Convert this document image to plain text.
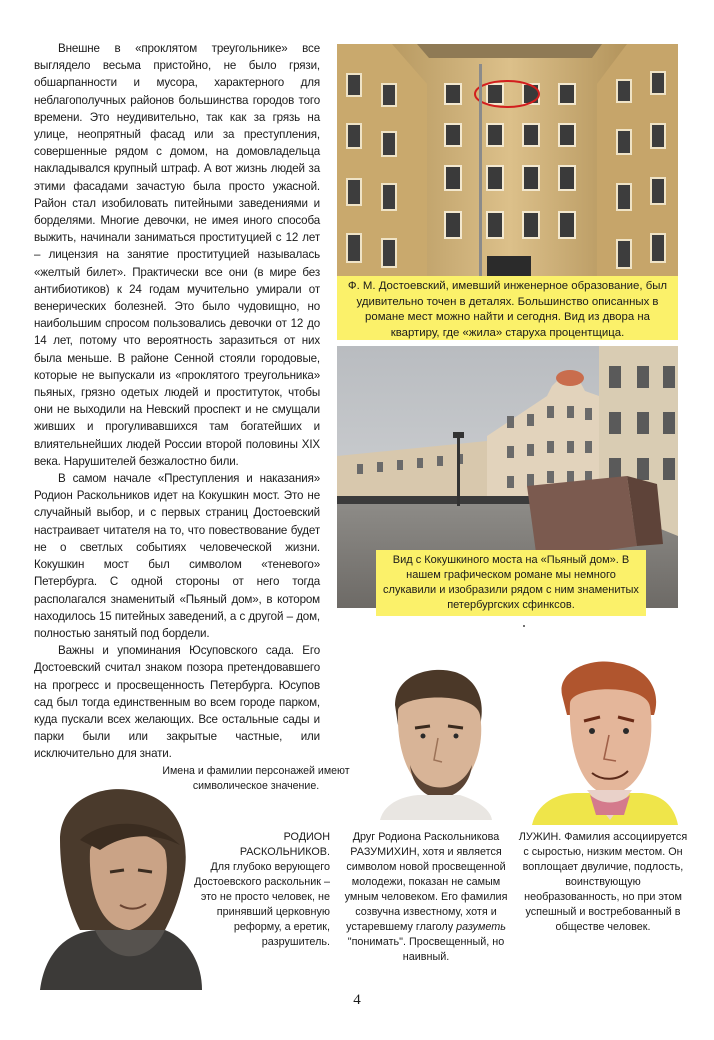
Внешне в «проклятом треугольнике» все выглядело весьма пристойно, не было грязи, обшарпанности и мусора, характерного для неблагополучных районов большинства городов того времени. Это неудивительно, так как за грязь на улице, неопрятный фасад или за преступления, совершенные рядом с домом, на домовладельца накладывался крупный штраф. А вот жизнь людей за этими фасадами зачастую была просто ужасной. Район стал изобиловать питейными заведениями и борделями. Многие девочки, не имея иного способа выжить, начинали заниматься проституцией с 12 лет – лицензия на занятие проституцией называлась «желтый билет». Практически все они (в мире без антибиотиков) к 24 годам мучительно умирали от венерических болезней. Это было чудовищно, но наибольшим спросом пользовались девочки от 12 до 14 лет, потому что вероятность заразиться от них была меньше. В районе Сенной стояли городовые, которые не выпускали из «проклятого треугольника» пьяных, грязно одетых людей и проституток, чтобы они не выходили на Невский проспект и не смущали живших и прогуливавшихся там богатейших и влиятельнейших людей России второй половины XIX века. Нарушителей безжалостно били.

В самом начале «Преступления и наказания» Родион Раскольников идет на Кокушкин мост. Это не случайный выбор, и с первых страниц Достоевский настраивает читателя на то, что повествование будет не о светлых событиях человеческой жизни. Кокушкин мост был символом «теневого» Петербурга. С одной стороны от него тогда располагался знаменитый «Пьяный дом», в котором находилось 15 питейных заведений, а с другой – дом, полностью занятый под бордели.

Важны и упоминания Юсуповского сада. Его Достоевский считал знаком позора претендовавшего на прогресс и просвещенность Петербурга. Юсупов сад был тогда единственным во всем городе парком, куда пускали всех желающих. Все остальные сады и парки были или закрытые частные, или исключительно для знати.

Ф. М. Достоевский, имевший инженерное образование, был удивительно точен в деталях. Большинство описанных в романе мест можно найти и сегодня. Вид из двора на квартиру, где «жила» старуха процентщица.
Вид с Кокушкиного моста на «Пьяный дом». В нашем графическом романе мы немного слукавили и изобразили рядом с ним знаменитых петербургских сфинксов.
Имена и фамилии персонажей имеют символическое значение.
РОДИОН РАСКОЛЬНИКОВ.
Для глубоко верующего Достоевского раскольник – это не просто человек, не принявший церковную реформу, а еретик, разрушитель.
Друг Родиона Раскольникова
РАЗУМИХИН, хотя и является символом новой просвещенной молодежи, показан не самым умным человеком. Его фамилия созвучна известному, хотя и устаревшему глаголу разуметь "понимать". Просвещенный, но наивный.
ЛУЖИН. Фамилия ассоциируется с сыростью, низким местом. Он воплощает двуличие, подлость, воинствующую необразованность, но при этом успешный и востребованный в обществе человек.
4
